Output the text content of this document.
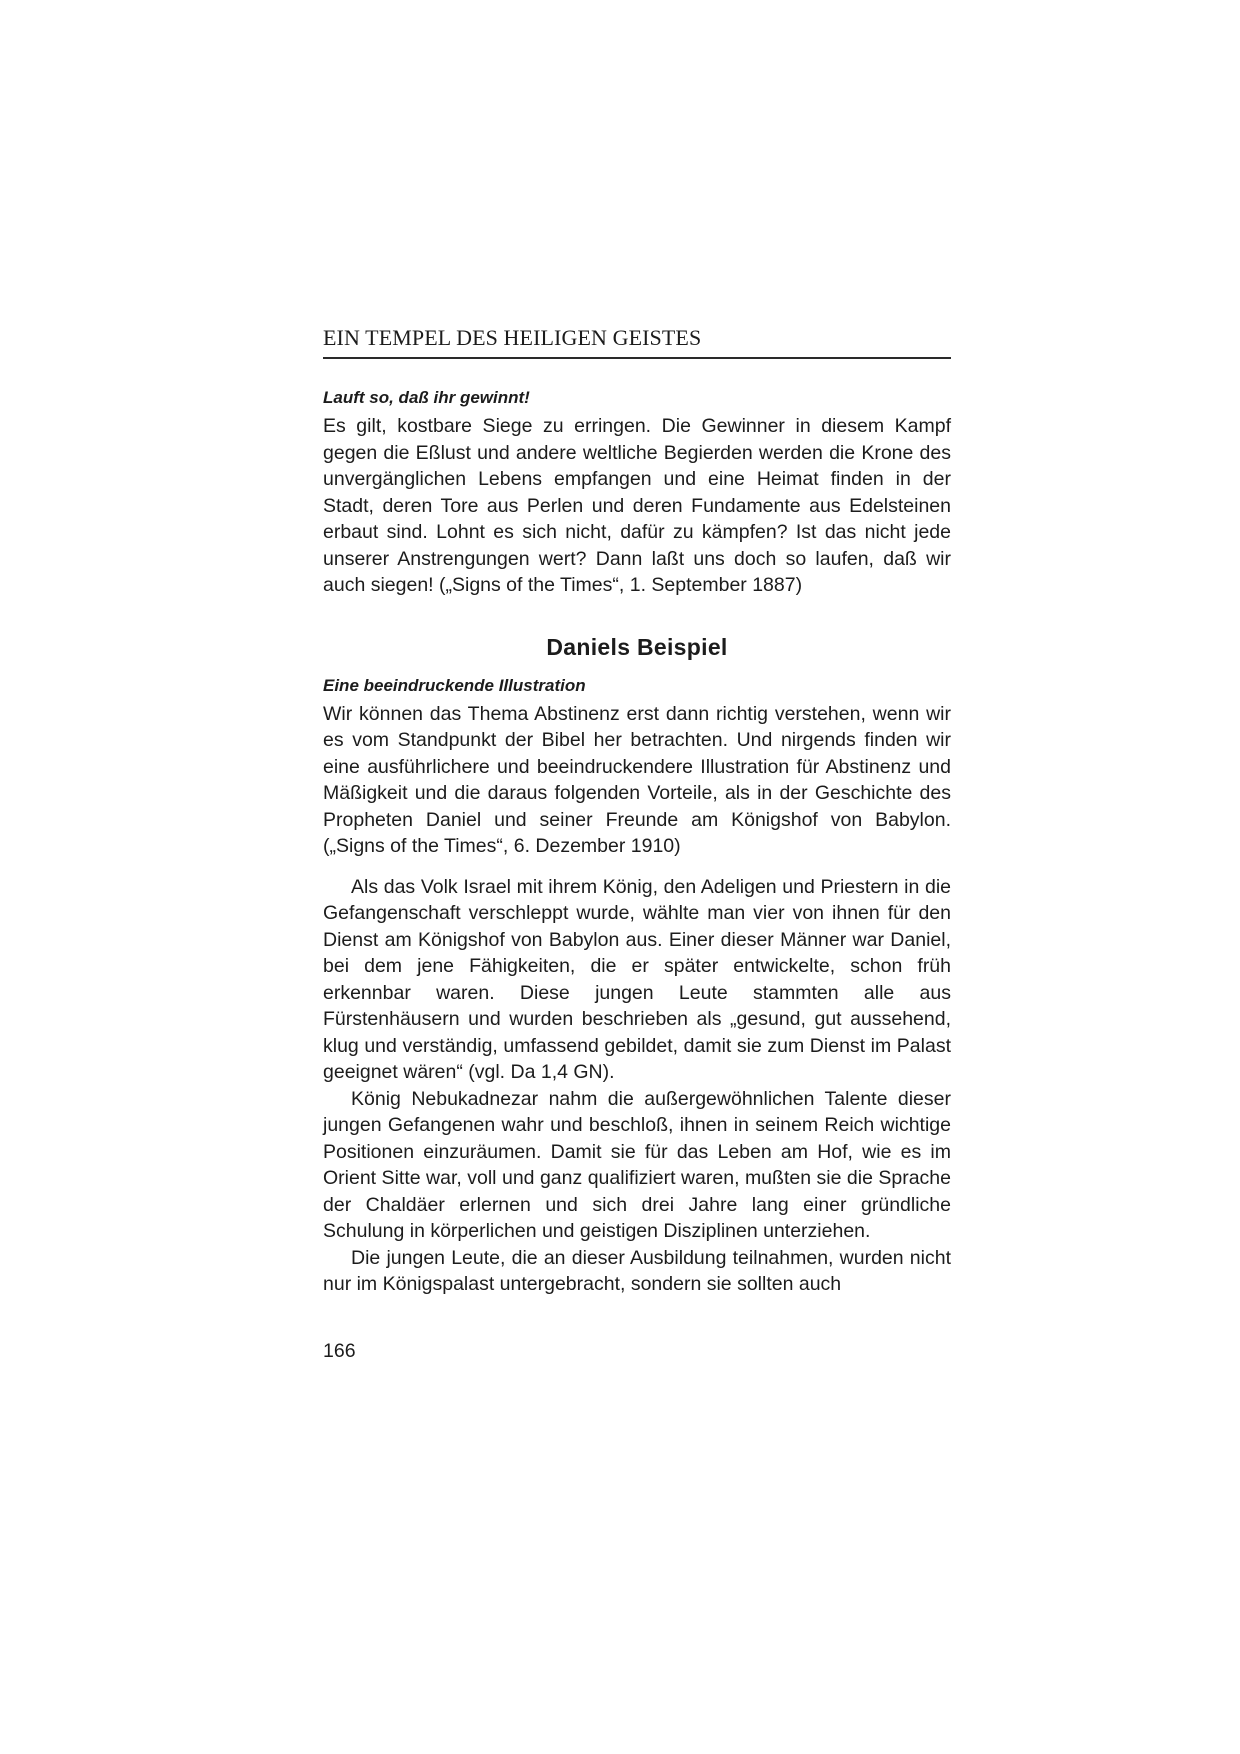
EIN TEMPEL DES HEILIGEN GEISTES
Lauft so, daß ihr gewinnt!

Es gilt, kostbare Siege zu erringen. Die Gewinner in diesem Kampf gegen die Eßlust und andere weltliche Begierden werden die Krone des unvergänglichen Lebens empfangen und eine Heimat finden in der Stadt, deren Tore aus Perlen und deren Fundamente aus Edelsteinen erbaut sind. Lohnt es sich nicht, dafür zu kämpfen? Ist das nicht jede unserer Anstrengungen wert? Dann laßt uns doch so laufen, daß wir auch siegen! („Signs of the Times“, 1. September 1887)

Daniels Beispiel
Eine beeindruckende Illustration

Wir können das Thema Abstinenz erst dann richtig verstehen, wenn wir es vom Standpunkt der Bibel her betrachten. Und nirgends finden wir eine ausführlichere und beeindruckendere Illustration für Abstinenz und Mäßigkeit und die daraus folgenden Vorteile, als in der Geschichte des Propheten Daniel und seiner Freunde am Königshof von Babylon. („Signs of the Times“, 6. Dezember 1910)

Als das Volk Israel mit ihrem König, den Adeligen und Priestern in die Gefangenschaft verschleppt wurde, wählte man vier von ihnen für den Dienst am Königshof von Babylon aus. Einer dieser Männer war Daniel, bei dem jene Fähigkeiten, die er später entwickelte, schon früh erkennbar waren. Diese jungen Leute stammten alle aus Fürstenhäusern und wurden beschrieben als „gesund, gut aussehend, klug und verständig, umfassend gebildet, damit sie zum Dienst im Palast geeignet wären“ (vgl. Da 1,4 GN).

König Nebukadnezar nahm die außergewöhnlichen Talente dieser jungen Gefangenen wahr und beschloß, ihnen in seinem Reich wichtige Positionen einzuräumen. Damit sie für das Leben am Hof, wie es im Orient Sitte war, voll und ganz qualifiziert waren, mußten sie die Sprache der Chaldäer erlernen und sich drei Jahre lang einer gründliche Schulung in körperlichen und geistigen Disziplinen unterziehen.

Die jungen Leute, die an dieser Ausbildung teilnahmen, wurden nicht nur im Königspalast untergebracht, sondern sie sollten auch

166
